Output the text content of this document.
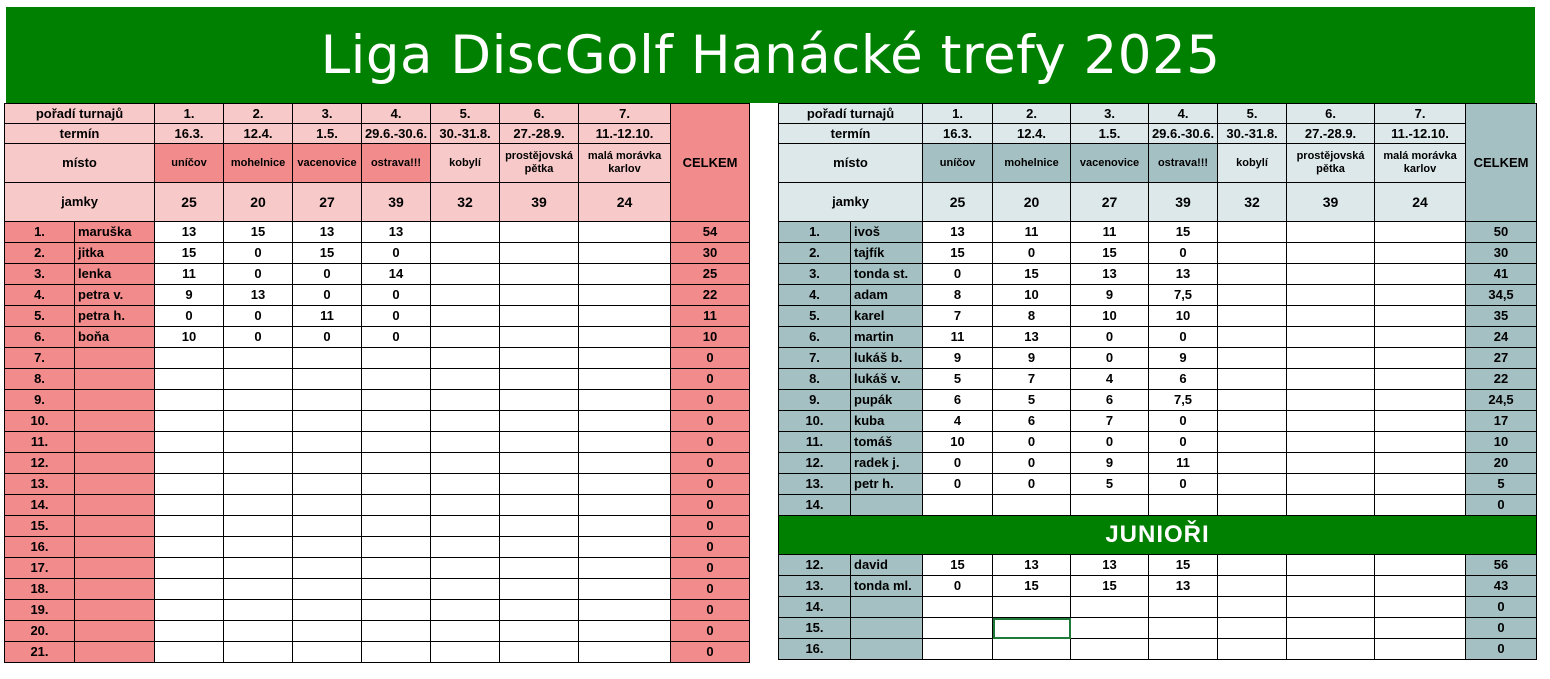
Liga DiscGolf Hanácké trefy 2025
pořadí turnajů		1.	2.	3.	4.	5.	6.	7.	CELKEM
termín		16.3.	12.4.	1.5.	29.6.-30.6.	30.-31.8.	27.-28.9.	11.-12.10.	
místo		uníčov	mohelnice	vacenovice	ostrava!!!	kobylí	prostějovská pětka	malá morávka karlov	
jamky		25	20	27	39	32	39	24	
1.	maruška	13	15	13	13				54
2.	jitka	15	0	15	0				30
3.	lenka	11	0	0	14				25
4.	petra v.	9	13	0	0				22
5.	petra h.	0	0	11	0				11
6.	boňa	10	0	0	0				10
7.									0
8.									0
9.									0
10.									0
11.									0
12.									0
13.									0
14.									0
15.									0
16.									0
17.									0
18.									0
19.									0
20.									0
21.									0
pořadí turnajů		1.	2.	3.	4.	5.	6.	7.	CELKEM
termín		16.3.	12.4.	1.5.	29.6.-30.6.	30.-31.8.	27.-28.9.	11.-12.10.	
místo		uníčov	mohelnice	vacenovice	ostrava!!!	kobylí	prostějovská pětka	malá morávka karlov	
jamky		25	20	27	39	32	39	24	
1.	ivoš	13	11	11	15				50
2.	tajfík	15	0	15	0				30
3.	tonda st.	0	15	13	13				41
4.	adam	8	10	9	7,5				34,5
5.	karel	7	8	10	10				35
6.	martin	11	13	0	0				24
7.	lukáš b.	9	9	0	9				27
8.	lukáš v.	5	7	4	6				22
9.	pupák	6	5	6	7,5				24,5
10.	kuba	4	6	7	0				17
11.	tomáš	10	0	0	0				10
12.	radek j.	0	0	9	11				20
13.	petr h.	0	0	5	0				5
14.									0
JUNIOŘI									
12.	david	15	13	13	15				56
13.	tonda ml.	0	15	15	13				43
14.									0
15.									0
16.									0
